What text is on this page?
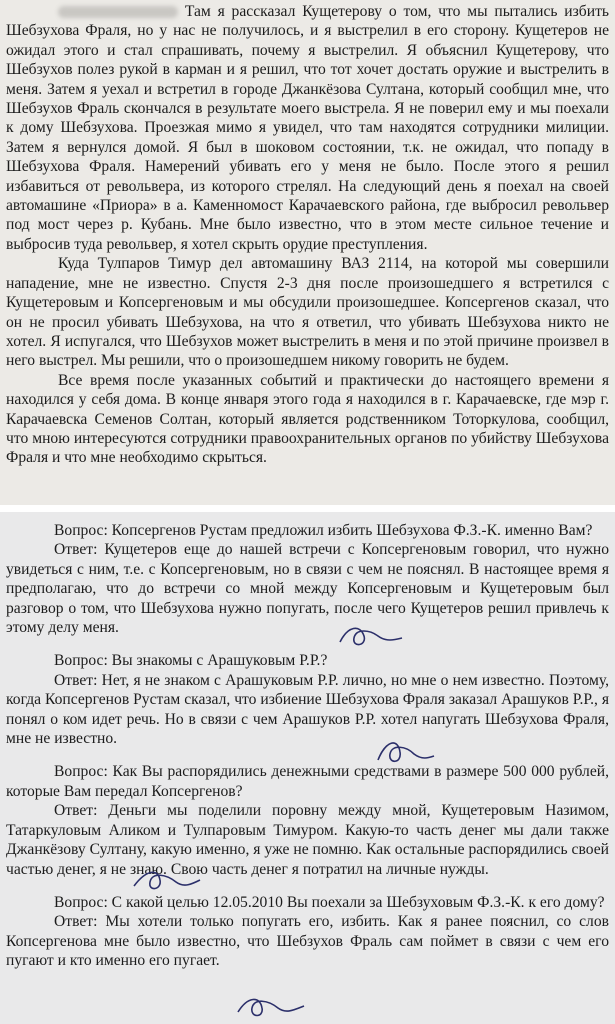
Там я рассказал Кущетерову о том, что мы пытались избить Шебзухова Фраля, но у нас не получилось, и я выстрелил в его сторону. Кущетеров не ожидал этого и стал спрашивать, почему я выстрелил. Я объяснил Кущетерову, что Шебзухов полез рукой в карман и я решил, что тот хочет достать оружие и выстрелить в меня. Затем я уехал и встретил в городе Джанкёзова Султана, который сообщил мне, что Шебзухов Фраль скончался в результате моего выстрела. Я не поверил ему и мы поехали к дому Шебзухова. Проезжая мимо я увидел, что там находятся сотрудники милиции. Затем я вернулся домой. Я был в шоковом состоянии, т.к. не ожидал, что попаду в Шебзухова Фраля. Намерений убивать его у меня не было. После этого я решил избавиться от револьвера, из которого стрелял. На следующий день я поехал на своей автомашине «Приора» в а. Каменномост Карачаевского района, где выбросил револьвер под мост через р. Кубань. Мне было известно, что в этом месте сильное течение и выбросив туда револьвер, я хотел скрыть орудие преступления.

Куда Тулпаров Тимур дел автомашину ВАЗ 2114, на которой мы совершили нападение, мне не известно. Спустя 2-3 дня после произошедшего я встретился с Кущетеровым и Копсергеновым и мы обсудили произошедшее. Копсергенов сказал, что он не просил убивать Шебзухова, на что я ответил, что убивать Шебзухова никто не хотел. Я испугался, что Шебзухов может выстрелить в меня и по этой причине произвел в него выстрел. Мы решили, что о произошедшем никому говорить не будем.

Все время после указанных событий и практически до настоящего времени я находился у себя дома. В конце января этого года я находился в г. Карачаевске, где мэр г. Карачаевска Семенов Солтан, который является родственником Тоторкулова, сообщил, что мною интересуются сотрудники правоохранительных органов по убийству Шебзухова Фраля и что мне необходимо скрыться.

Вопрос: Копсергенов Рустам предложил избить Шебзухова Ф.З.-К. именно Вам?

Ответ: Кущетеров еще до нашей встречи с Копсергеновым говорил, что нужно увидеться с ним, т.е. с Копсергеновым, но в связи с чем не пояснял. В настоящее время я предполагаю, что до встречи со мной между Копсергеновым и Кущетеровым был разговор о том, что Шебзухова нужно попугать, после чего Кущетеров решил привлечь к этому делу меня.

Вопрос: Вы знакомы с Арашуковым Р.Р.?

Ответ: Нет, я не знаком с Арашуковым Р.Р. лично, но мне о нем известно. Поэтому, когда Копсергенов Рустам сказал, что избиение Шебзухова Фраля заказал Арашуков Р.Р., я понял о ком идет речь. Но в связи с чем Арашуков Р.Р. хотел напугать Шебзухова Фраля, мне не известно.

Вопрос: Как Вы распорядились денежными средствами в размере 500 000 рублей, которые Вам передал Копсергенов?

Ответ: Деньги мы поделили поровну между мной, Кущетеровым Назимом, Татаркуловым Аликом и Тулпаровым Тимуром. Какую-то часть денег мы дали также Джанкёзову Султану, какую именно, я уже не помню. Как остальные распорядились своей частью денег, я не знаю. Свою часть денег я потратил на личные нужды.

Вопрос: С какой целью 12.05.2010 Вы поехали за Шебзуховым Ф.З.-К. к его дому?

Ответ: Мы хотели только попугать его, избить. Как я ранее пояснил, со слов Копсергенова мне было известно, что Шебзухов Фраль сам поймет в связи с чем его пугают и кто именно его пугает.
